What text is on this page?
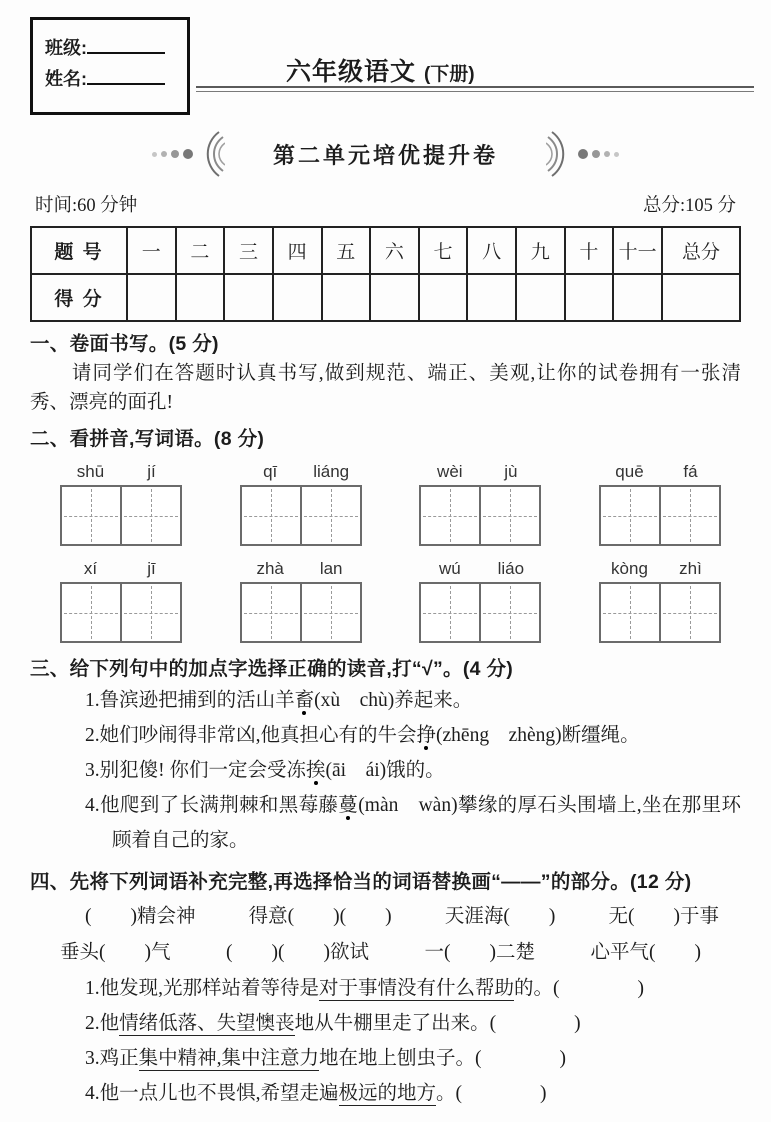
班级:
姓名:	六年级语文 (下册)
第二单元培优提升卷
时间:60 分钟	总分:105 分
题 号	一	二	三	四	五	六	七	八	九	十	十一	总分
得 分												
一、卷面书写。(5 分)

请同学们在答题时认真书写,做到规范、端正、美观,让你的试卷拥有一张清秀、漂亮的面孔!

二、看拼音,写词语。(8 分)
shū	jí	qī	liáng	wèi	jù	quē	fá
xí	jī	zhà	lan	wú	liáo	kòng	zhì
三、给下列句中的加点字选择正确的读音,打“√”。(4 分)
1.鲁滨逊把捕到的活山羊畜(xù　chù)养起来。
2.她们吵闹得非常凶,他真担心有的牛会挣(zhēng　zhèng)断缰绳。
3.别犯傻! 你们一定会受冻挨(āi　ái)饿的。
4.他爬到了长满荆棘和黑莓藤蔓(màn　wàn)攀缘的厚石头围墙上,坐在那里环顾着自己的家。
四、先将下列词语补充完整,再选择恰当的词语替换画“——”的部分。(12 分)
(　　)精会神	得意(　　)(　　)	天涯海(　　)	无(　　)于事
垂头(　　)气	(　　)(　　)欲试	一(　　)二楚	心平气(　　)
1.他发现,光那样站着等待是对于事情没有什么帮助的。(　　　　)
2.他情绪低落、失望懊丧地从牛棚里走了出来。(　　　　)
3.鸡正集中精神,集中注意力地在地上刨虫子。(　　　　)
4.他一点儿也不畏惧,希望走遍极远的地方。(　　　　)
